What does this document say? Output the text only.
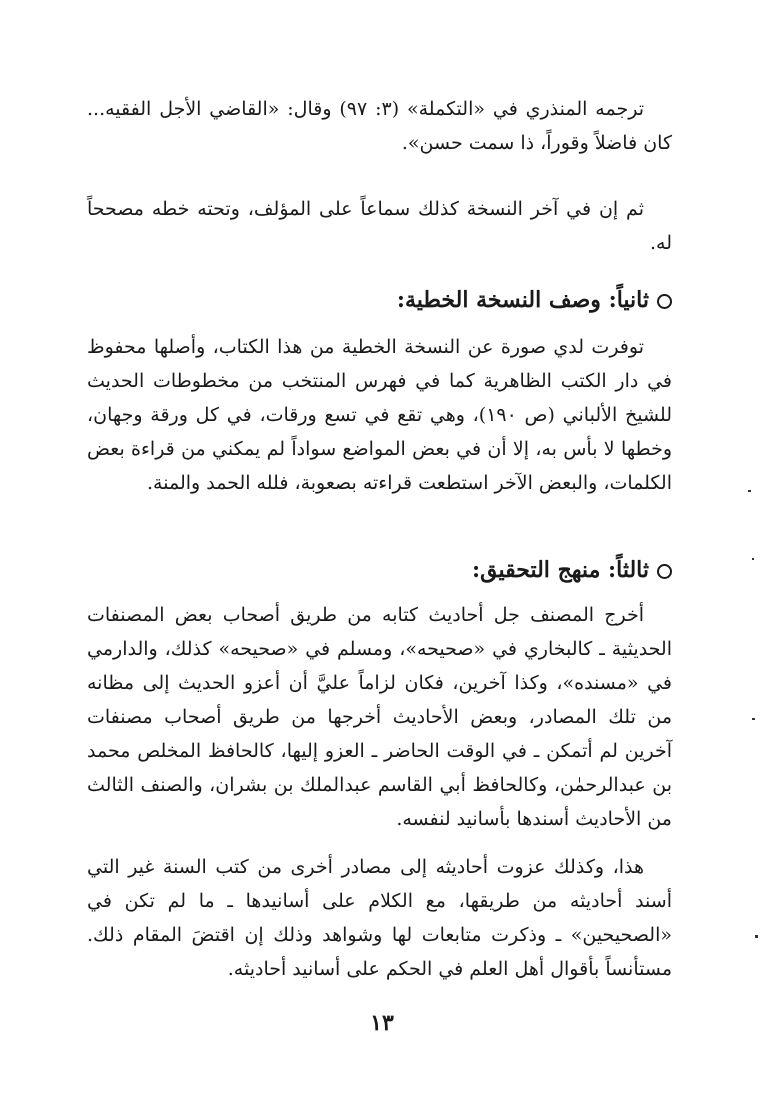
ترجمه المنذري في «التكملة» (٣: ٩٧) وقال: «القاضي الأجل الفقيه... كان فاضلاً وقوراً، ذا سمت حسن».

ثم إن في آخر النسخة كذلك سماعاً على المؤلف، وتحته خطه مصححاً له.

ثانياً: وصف النسخة الخطية:

توفرت لدي صورة عن النسخة الخطية من هذا الكتاب، وأصلها محفوظ في دار الكتب الظاهرية كما في فهرس المنتخب من مخطوطات الحديث للشيخ الألباني (ص ١٩٠)، وهي تقع في تسع ورقات، في كل ورقة وجهان، وخطها لا بأس به، إلا أن في بعض المواضع سواداً لم يمكني من قراءة بعض الكلمات، والبعض الآخر استطعت قراءته بصعوبة، فلله الحمد والمنة.

ثالثاً: منهج التحقيق:

أخرج المصنف جل أحاديث كتابه من طريق أصحاب بعض المصنفات الحديثية ـ كالبخاري في «صحيحه»، ومسلم في «صحيحه» كذلك، والدارمي في «مسنده»، وكذا آخرين، فكان لزاماً عليَّ أن أعزو الحديث إلى مظانه من تلك المصادر، وبعض الأحاديث أخرجها من طريق أصحاب مصنفات آخرين لم أتمكن ـ في الوقت الحاضر ـ العزو إليها، كالحافظ المخلص محمد بن عبدالرحمٰن، وكالحافظ أبي القاسم عبدالملك بن بشران، والصنف الثالث من الأحاديث أسندها بأسانيد لنفسه.

هذا، وكذلك عزوت أحاديثه إلى مصادر أخرى من كتب السنة غير التي أسند أحاديثه من طريقها، مع الكلام على أسانيدها ـ ما لم تكن في «الصحيحين» ـ وذكرت متابعات لها وشواهد وذلك إن اقتضَ المقام ذلك. مستأنساً بأقوال أهل العلم في الحكم على أسانيد أحاديثه.

١٣
